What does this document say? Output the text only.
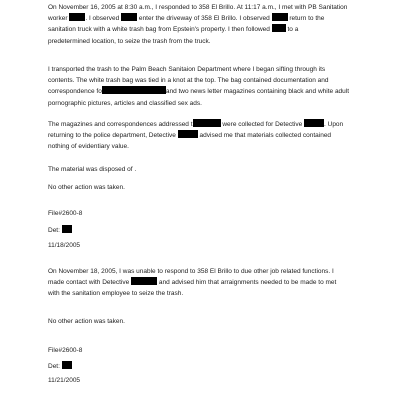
On November 16, 2005 at 8:30 a.m., I responded to 358 El Brillo. At 11:17 a.m., I met with PB Sanitation
worker	. I observed	enter the driveway of 358 El Brillo. I observed	return to the
sanitation truck with a white trash bag from Epstein's property. I then followed	to a
predetermined location, to seize the trash from the truck.
I transported the trash to the Palm Beach Sanitaion Department where I began sifting through its
contents. The white trash bag was tied in a knot at the top. The bag contained documentation and
correspondence fo	and two news letter magazines containing black and white adult
pornographic pictures, articles and classified sex ads.
The magazines and correspondences addressed t	were collected for Detective	. Upon
returning to the police department, Detective	advised me that materials collected contained
nothing of evidentiary value.
The material was disposed of .
No other action was taken.
File#2600-8
Det:
11/18/2005
On November 18, 2005, I was unable to respond to 358 El Brillo to due other job related functions. I
made contact with Detective	and advised him that arraignments needed to be made to met
with the sanitation employee to seize the trash.
No other action was taken.
File#2600-8
Det:
11/21/2005
